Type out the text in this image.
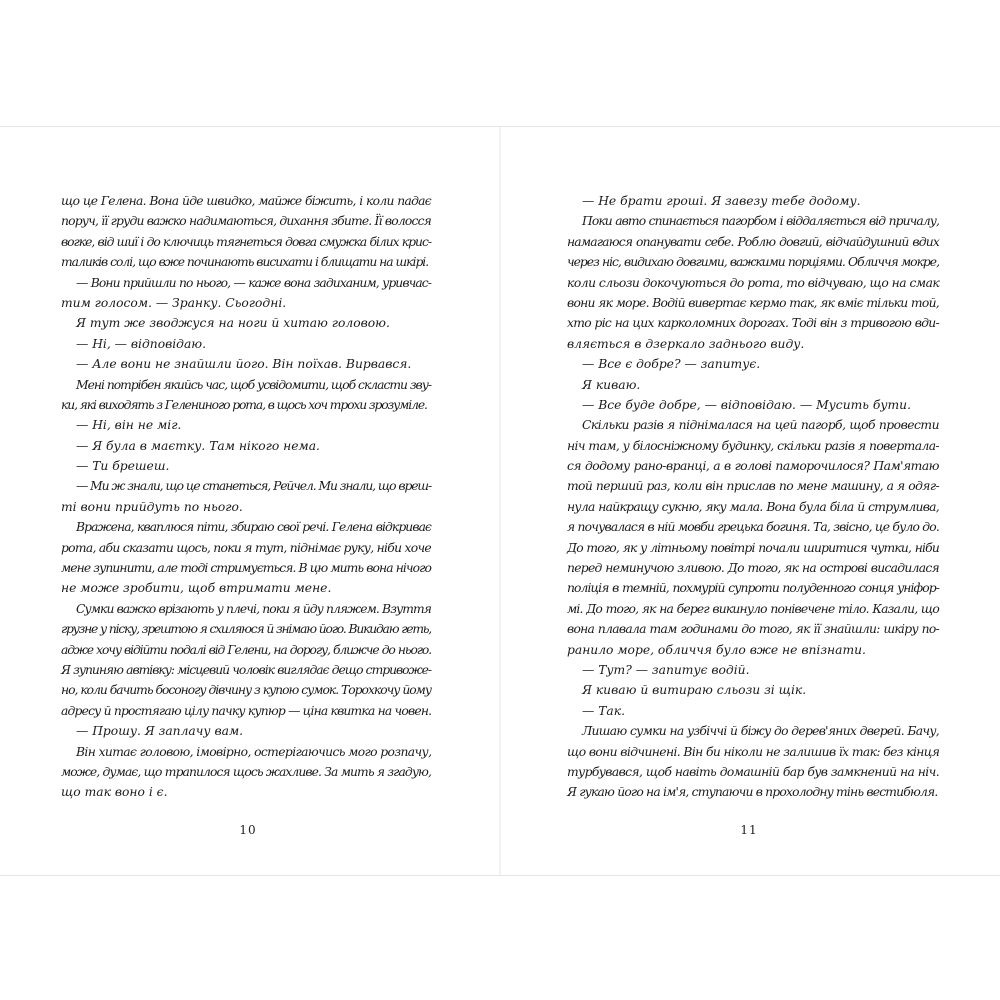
що це Гелена. Вона йде швидко, майже біжить, і коли падає
поруч, її груди важко надимаються, дихання збите. Її волосся
вогке, від шиї і до ключиць тягнеться довга смужка білих крис-
таликів солі, що вже починають висихати і блищати на шкірі.
— Вони прийшли по нього, — каже вона задиханим, уривчас-
тим голосом. — Зранку. Сьогодні.
Я тут же зводжуся на ноги й хитаю головою.
— Ні, — відповідаю.
— Але вони не знайшли його. Він поїхав. Вирвався.
Мені потрібен якийсь час, щоб усвідомити, щоб скласти зву-
ки, які виходять з Гелениного рота, в щось хоч трохи зрозуміле.
— Ні, він не міг.
— Я була в маєтку. Там нікого нема.
— Ти брешеш.
— Ми ж знали, що це станеться, Рейчел. Ми знали, що вреш-
ті вони прийдуть по нього.
Вражена, кваплюся піти, збираю свої речі. Гелена відкриває
рота, аби сказати щось, поки я тут, піднімає руку, ніби хоче
мене зупинити, але тоді стримується. В цю мить вона нічого
не може зробити, щоб втримати мене.
Сумки важко врізають у плечі, поки я йду пляжем. Взуття
грузне у піску, зрештою я схиляюся й знімаю його. Викидаю геть,
адже хочу відійти подалі від Гелени, на дорогу, ближче до нього.
Я зупиняю автівку: місцевий чоловік виглядає дещо стривоже-
но, коли бачить босоногу дівчину з купою сумок. Торохкочу йому
адресу й простягаю цілу пачку купюр — ціна квитка на човен.
— Прошу. Я заплачу вам.
Він хитає головою, імовірно, остерігаючись мого розпачу,
може, думає, що трапилося щось жахливе. За мить я згадую,
що так воно і є.
10
— Не брати гроші. Я завезу тебе додому.
Поки авто спинається пагорбом і віддаляється від причалу,
намагаюся опанувати себе. Роблю довгий, відчайдушний вдих
через ніс, видихаю довгими, важкими порціями. Обличчя мокре,
коли сльози докочуються до рота, то відчуваю, що на смак
вони як море. Водій вивертає кермо так, як вміє тільки той,
хто ріс на цих карколомних дорогах. Тоді він з тривогою вди-
вляється в дзеркало заднього виду.
— Все є добре? — запитує.
Я киваю.
— Все буде добре, — відповідаю. — Мусить бути.
Скільки разів я піднімалася на цей пагорб, щоб провести
ніч там, у білосніжному будинку, скільки разів я поверталa-
ся додому рано-вранці, а в голові паморочилося? Пам'ятаю
той перший раз, коли він прислав по мене машину, а я одяг-
нула найкращу сукню, яку мала. Вона була біла й струмлива,
я почувалася в ній мовби грецька богиня. Та, звісно, це було до.
До того, як у літньому повітрі почали ширитися чутки, ніби
перед неминучою зливою. До того, як на острові висадилася
поліція в темній, похмурій супроти полуденного сонця уніфор-
мі. До того, як на берег викинуло понівечене тіло. Казали, що
вона плавала там годинами до того, як її знайшли: шкіру по-
ранило море, обличчя було вже не впізнати.
— Тут? — запитує водій.
Я киваю й витираю сльози зі щік.
— Так.
Лишаю сумки на узбіччі й біжу до дерев'яних дверей. Бачу,
що вони відчинені. Він би ніколи не залишив їх так: без кінця
турбувався, щоб навіть домашній бар був замкнений на ніч.
Я гукаю його на ім'я, ступаючи в прохолодну тінь вестибюля.
11
